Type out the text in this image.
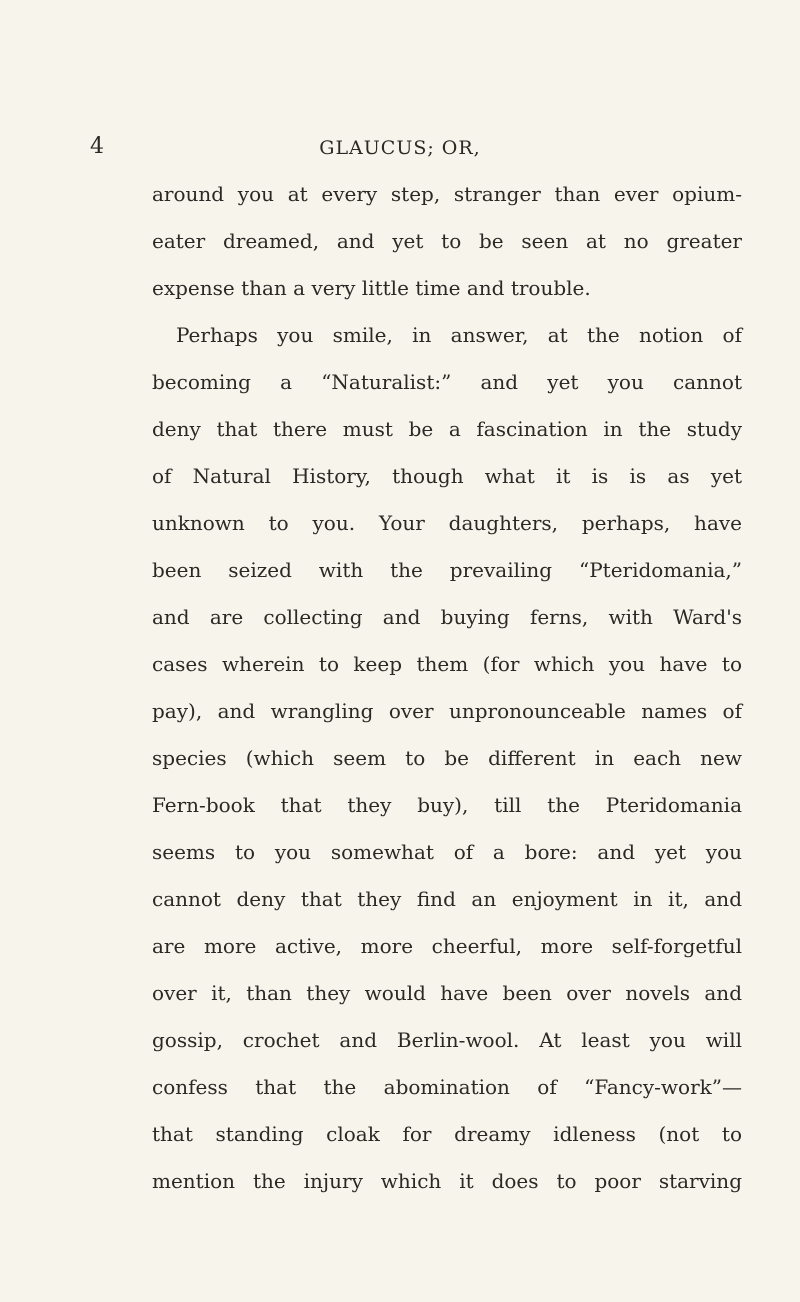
4	GLAUCUS; OR,
around you at every step, stranger than ever opium-
eater dreamed, and yet to be seen at no greater
expense than a very little time and trouble.
Perhaps you smile, in answer, at the notion of
becoming a “Naturalist:” and yet you cannot
deny that there must be a fascination in the study
of Natural History, though what it is is as yet
unknown to you. Your daughters, perhaps, have
been seized with the prevailing “Pteridomania,”
and are collecting and buying ferns, with Ward's
cases wherein to keep them (for which you have to
pay), and wrangling over unpronounceable names of
species (which seem to be different in each new
Fern-book that they buy), till the Pteridomania
seems to you somewhat of a bore: and yet you
cannot deny that they find an enjoyment in it, and
are more active, more cheerful, more self-forgetful
over it, than they would have been over novels and
gossip, crochet and Berlin-wool. At least you will
confess that the abomination of “Fancy-work”—
that standing cloak for dreamy idleness (not to
mention the injury which it does to poor starving
